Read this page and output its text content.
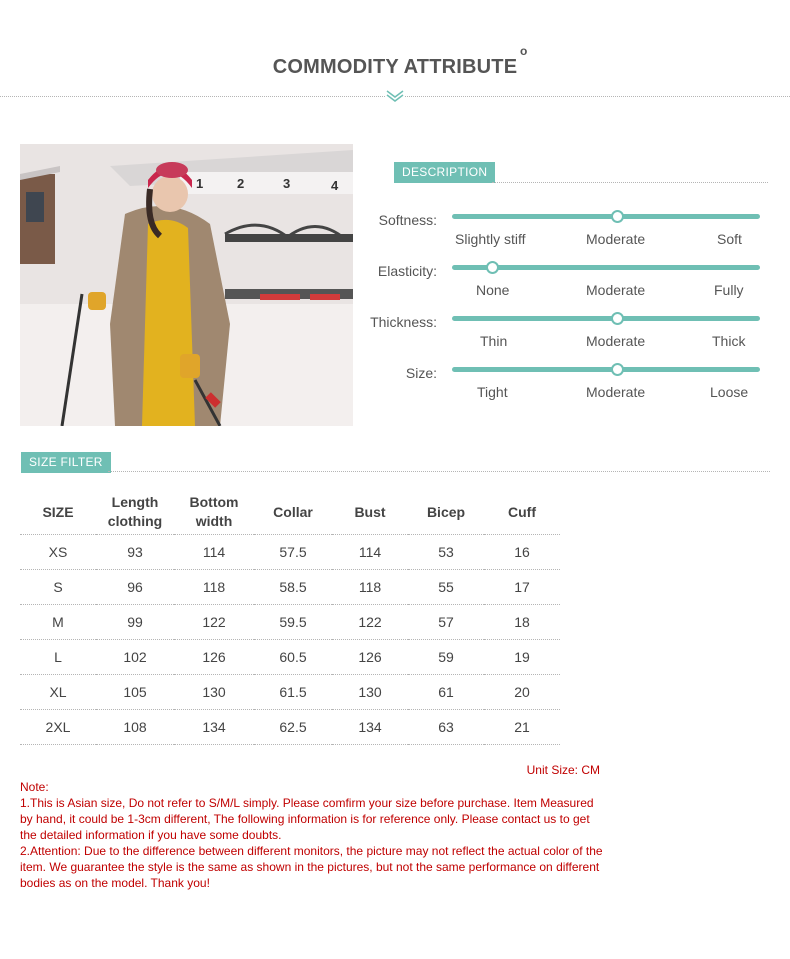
COMMODITY ATTRIBUTE
o
1	2	3	4
DESCRIPTION
Softness:
Slightly stiff	Moderate	Soft
Elasticity:
None	Moderate	Fully
Thickness:
Thin	Moderate	Thick
Size:
Tight	Moderate	Loose
SIZE FILTER
SIZE	Length clothing	Bottom width	Collar	Bust	Bicep	Cuff
XS	93	114	57.5	114	53	16
S	96	118	58.5	118	55	17
M	99	122	59.5	122	57	18
L	102	126	60.5	126	59	19
XL	105	130	61.5	130	61	20
2XL	108	134	62.5	134	63	21
Unit Size: CM

Note:

1.This is Asian size, Do not refer to S/M/L simply. Please comfirm your size before purchase. Item Measured by hand, it could be 1-3cm different, The following information is for reference only. Please contact us to get the detailed information if you have some doubts.

2.Attention: Due to the difference between different monitors, the picture may not reflect the actual color of the item. We guarantee the style is the same as shown in the pictures, but not the same performance on different bodies as on the model. Thank you!
